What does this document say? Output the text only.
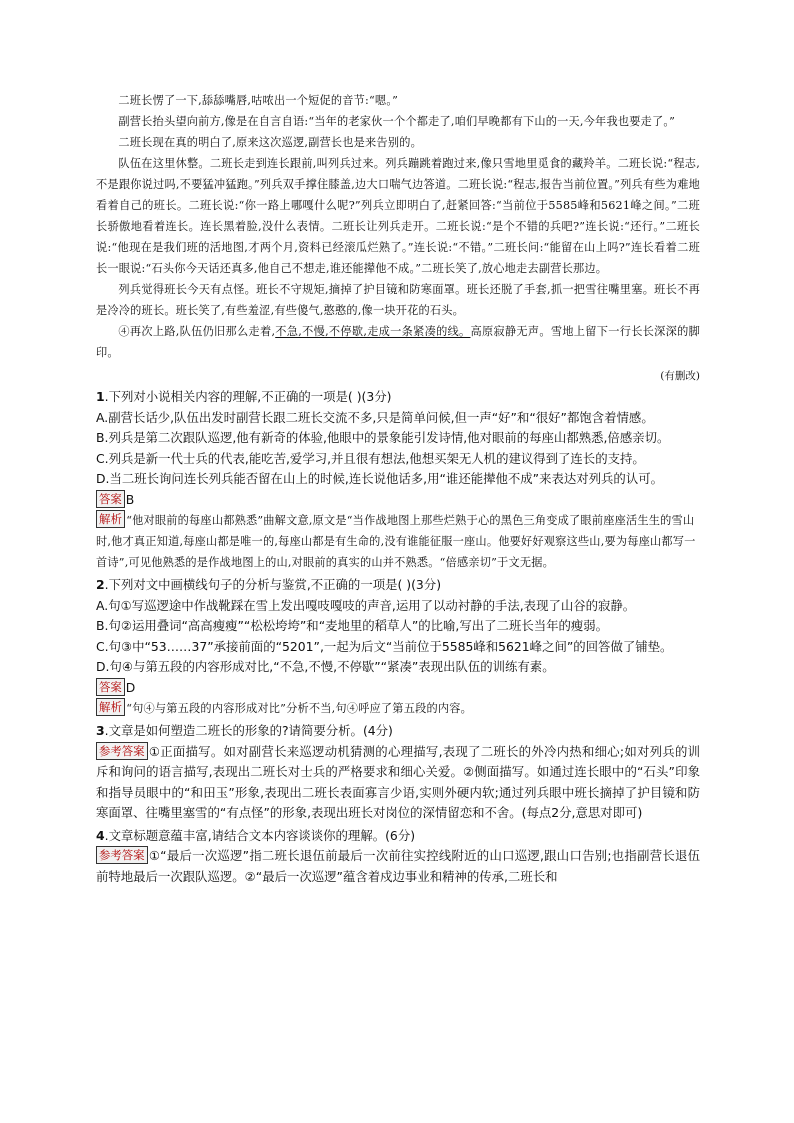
二班长愣了一下,舔舔嘴唇,咕哝出一个短促的音节:“嗯。”

副营长抬头望向前方,像是在自言自语:“当年的老家伙一个个都走了,咱们早晚都有下山的一天,今年我也要走了。”

二班长现在真的明白了,原来这次巡逻,副营长也是来告别的。

队伍在这里休整。二班长走到连长跟前,叫列兵过来。列兵蹦跳着跑过来,像只雪地里觅食的藏羚羊。二班长说:“程志,不是跟你说过吗,不要猛冲猛跑。”列兵双手撑住膝盖,边大口喘气边答道。二班长说:“程志,报告当前位置。”列兵有些为难地看着自己的班长。二班长说:“你一路上哪嘎什么呢?”列兵立即明白了,赶紧回答:“当前位于5585峰和5621峰之间。”二班长骄傲地看着连长。连长黑着脸,没什么表情。二班长让列兵走开。二班长说:“是个不错的兵吧?”连长说:“还行。”二班长说:“他现在是我们班的活地图,才两个月,资料已经滚瓜烂熟了。”连长说:“不错。”二班长问:“能留在山上吗?”连长看着二班长一眼说:“石头你今天话还真多,他自己不想走,谁还能撵他不成。”二班长笑了,放心地走去副营长那边。

列兵觉得班长今天有点怪。班长不守规矩,摘掉了护目镜和防寒面罩。班长还脱了手套,抓一把雪往嘴里塞。班长不再是冷冷的班长。班长笑了,有些羞涩,有些傻气,憨憨的,像一块开花的石头。

④再次上路,队伍仍旧那么走着,不急,不慢,不停歇,走成一条紧凑的线。高原寂静无声。雪地上留下一行长长深深的脚印。

(有删改)

1.下列对小说相关内容的理解,不正确的一项是( )(3分)

A.副营长话少,队伍出发时副营长跟二班长交流不多,只是简单问候,但一声“好”和“很好”都饱含着情感。

B.列兵是第二次跟队巡逻,他有新奇的体验,他眼中的景象能引发诗情,他对眼前的每座山都熟悉,倍感亲切。

C.列兵是新一代士兵的代表,能吃苦,爱学习,并且很有想法,他想买架无人机的建议得到了连长的支持。

D.当二班长询问连长列兵能否留在山上的时候,连长说他话多,用“谁还能撵他不成”来表达对列兵的认可。

答案 B

解析 “他对眼前的每座山都熟悉”曲解文意,原文是“当作战地图上那些烂熟于心的黑色三角变成了眼前座座活生生的雪山时,他才真正知道,每座山都是唯一的,每座山都是有生命的,没有谁能征服一座山。他要好好观察这些山,要为每座山都写一首诗”,可见他熟悉的是作战地图上的山,对眼前的真实的山并不熟悉。“倍感亲切”于文无据。

2.下列对文中画横线句子的分析与鉴赏,不正确的一项是( )(3分)

A.句①写巡逻途中作战靴踩在雪上发出嘎吱嘎吱的声音,运用了以动衬静的手法,表现了山谷的寂静。

B.句②运用叠词“高高瘦瘦”“松松垮垮”和“麦地里的稻草人”的比喻,写出了二班长当年的瘦弱。

C.句③中“53……37”承接前面的“5201”,一起为后文“当前位于5585峰和5621峰之间”的回答做了铺垫。

D.句④与第五段的内容形成对比,“不急,不慢,不停歇”“紧凑”表现出队伍的训练有素。

答案 D

解析 “句④与第五段的内容形成对比”分析不当,句④呼应了第五段的内容。

3.文章是如何塑造二班长的形象的?请简要分析。(4分)

参考答案 ①正面描写。如对副营长来巡逻动机猜测的心理描写,表现了二班长的外冷内热和细心;如对列兵的训斥和询问的语言描写,表现出二班长对士兵的严格要求和细心关爱。②侧面描写。如通过连长眼中的“石头”印象和指导员眼中的“和田玉”形象,表现出二班长表面寡言少语,实则外硬内软;通过列兵眼中班长摘掉了护目镜和防寒面罩、往嘴里塞雪的“有点怪”的形象,表现出班长对岗位的深情留恋和不舍。(每点2分,意思对即可)

4.文章标题意蕴丰富,请结合文本内容谈谈你的理解。(6分)

参考答案 ①“最后一次巡逻”指二班长退伍前最后一次前往实控线附近的山口巡逻,跟山口告别;也指副营长退伍前特地最后一次跟队巡逻。②“最后一次巡逻”蕴含着戍边事业和精神的传承,二班长和
